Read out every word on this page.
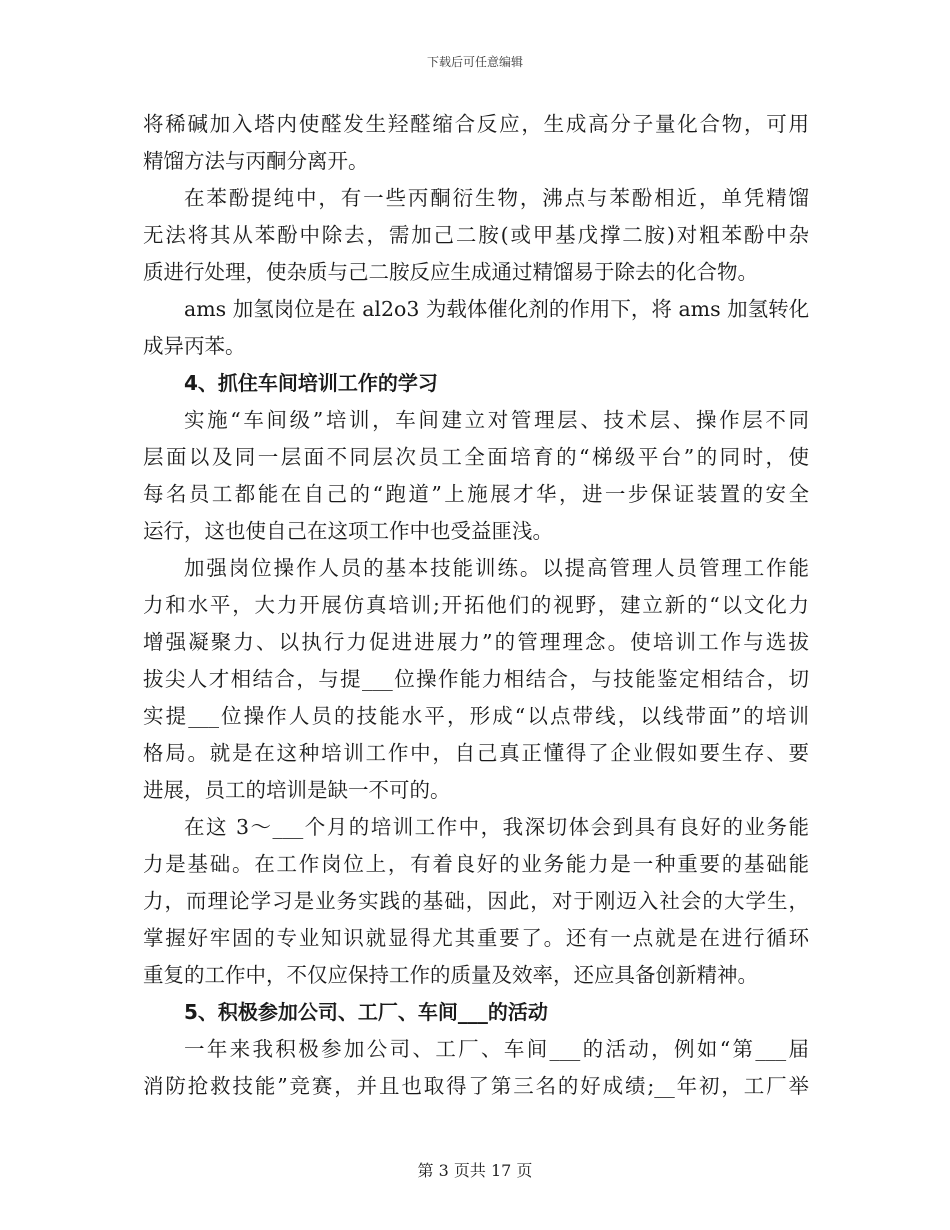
下载后可任意编辑
将稀碱加入塔内使醛发生羟醛缩合反应，生成高分子量化合物，可用
精馏方法与丙酮分离开。
在苯酚提纯中，有一些丙酮衍生物，沸点与苯酚相近，单凭精馏
无法将其从苯酚中除去，需加己二胺(或甲基戊撑二胺)对粗苯酚中杂
质进行处理，使杂质与己二胺反应生成通过精馏易于除去的化合物。
ams 加氢岗位是在 al2o3 为载体催化剂的作用下，将 ams 加氢转化
成异丙苯。
4、抓住车间培训工作的学习
实施“车间级”培训，车间建立对管理层、技术层、操作层不同
层面以及同一层面不同层次员工全面培育的“梯级平台”的同时，使
每名员工都能在自己的“跑道”上施展才华，进一步保证装置的安全
运行，这也使自己在这项工作中也受益匪浅。
加强岗位操作人员的基本技能训练。以提高管理人员管理工作能
力和水平，大力开展仿真培训;开拓他们的视野，建立新的“以文化力
增强凝聚力、以执行力促进进展力”的管理理念。使培训工作与选拔
拔尖人才相结合，与提___位操作能力相结合，与技能鉴定相结合，切
实提___位操作人员的技能水平，形成“以点带线，以线带面”的培训
格局。就是在这种培训工作中，自己真正懂得了企业假如要生存、要
进展，员工的培训是缺一不可的。
在这 3～___个月的培训工作中，我深切体会到具有良好的业务能
力是基础。在工作岗位上，有着良好的业务能力是一种重要的基础能
力，而理论学习是业务实践的基础，因此，对于刚迈入社会的大学生，
掌握好牢固的专业知识就显得尤其重要了。还有一点就是在进行循环
重复的工作中，不仅应保持工作的质量及效率，还应具备创新精神。
5、积极参加公司、工厂、车间___的活动
一年来我积极参加公司、工厂、车间___的活动，例如“第___届
消防抢救技能”竞赛，并且也取得了第三名的好成绩;__年初，工厂举
第 3 页共 17 页
